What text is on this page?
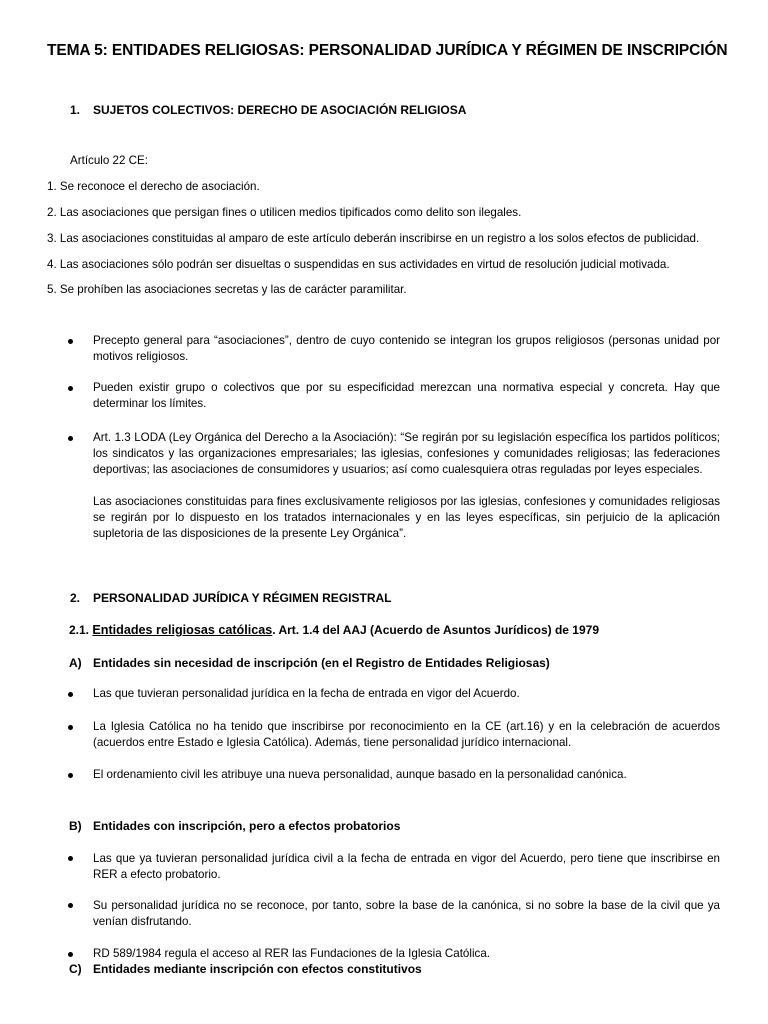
TEMA 5: ENTIDADES RELIGIOSAS: PERSONALIDAD JURÍDICA Y RÉGIMEN DE INSCRIPCIÓN
1. SUJETOS COLECTIVOS: DERECHO DE ASOCIACIÓN RELIGIOSA
Artículo 22 CE:
1. Se reconoce el derecho de asociación.
2. Las asociaciones que persigan fines o utilicen medios tipificados como delito son ilegales.
3. Las asociaciones constituidas al amparo de este artículo deberán inscribirse en un registro a los solos efectos de publicidad.
4. Las asociaciones sólo podrán ser disueltas o suspendidas en sus actividades en virtud de resolución judicial motivada.
5. Se prohíben las asociaciones secretas y las de carácter paramilitar.
Precepto general para “asociaciones”, dentro de cuyo contenido se integran los grupos religiosos (personas unidad por motivos religiosos.
Pueden existir grupo o colectivos que por su especificidad merezcan una normativa especial y concreta. Hay que determinar los límites.
Art. 1.3 LODA (Ley Orgánica del Derecho a la Asociación): “Se regirán por su legislación específica los partidos políticos; los sindicatos y las organizaciones empresariales; las iglesias, confesiones y comunidades religiosas; las federaciones deportivas; las asociaciones de consumidores y usuarios; así como cualesquiera otras reguladas por leyes especiales.
Las asociaciones constituidas para fines exclusivamente religiosos por las iglesias, confesiones y comunidades religiosas se regirán por lo dispuesto en los tratados internacionales y en las leyes específicas, sin perjuicio de la aplicación supletoria de las disposiciones de la presente Ley Orgánica”.
2. PERSONALIDAD JURÍDICA Y RÉGIMEN REGISTRAL
2.1. Entidades religiosas católicas. Art. 1.4 del AAJ (Acuerdo de Asuntos Jurídicos) de 1979
A) Entidades sin necesidad de inscripción (en el Registro de Entidades Religiosas)
Las que tuvieran personalidad jurídica en la fecha de entrada en vigor del Acuerdo.
La Iglesia Católica no ha tenido que inscribirse por reconocimiento en la CE (art.16) y en la celebración de acuerdos (acuerdos entre Estado e Iglesia Católica). Además, tiene personalidad jurídico internacional.
El ordenamiento civil les atribuye una nueva personalidad, aunque basado en la personalidad canónica.
B) Entidades con inscripción, pero a efectos probatorios
Las que ya tuvieran personalidad jurídica civil a la fecha de entrada en vigor del Acuerdo, pero tiene que inscribirse en RER a efecto probatorio.
Su personalidad jurídica no se reconoce, por tanto, sobre la base de la canónica, si no sobre la base de la civil que ya venían disfrutando.
RD 589/1984 regula el acceso al RER las Fundaciones de la Iglesia Católica.
C) Entidades mediante inscripción con efectos constitutivos
